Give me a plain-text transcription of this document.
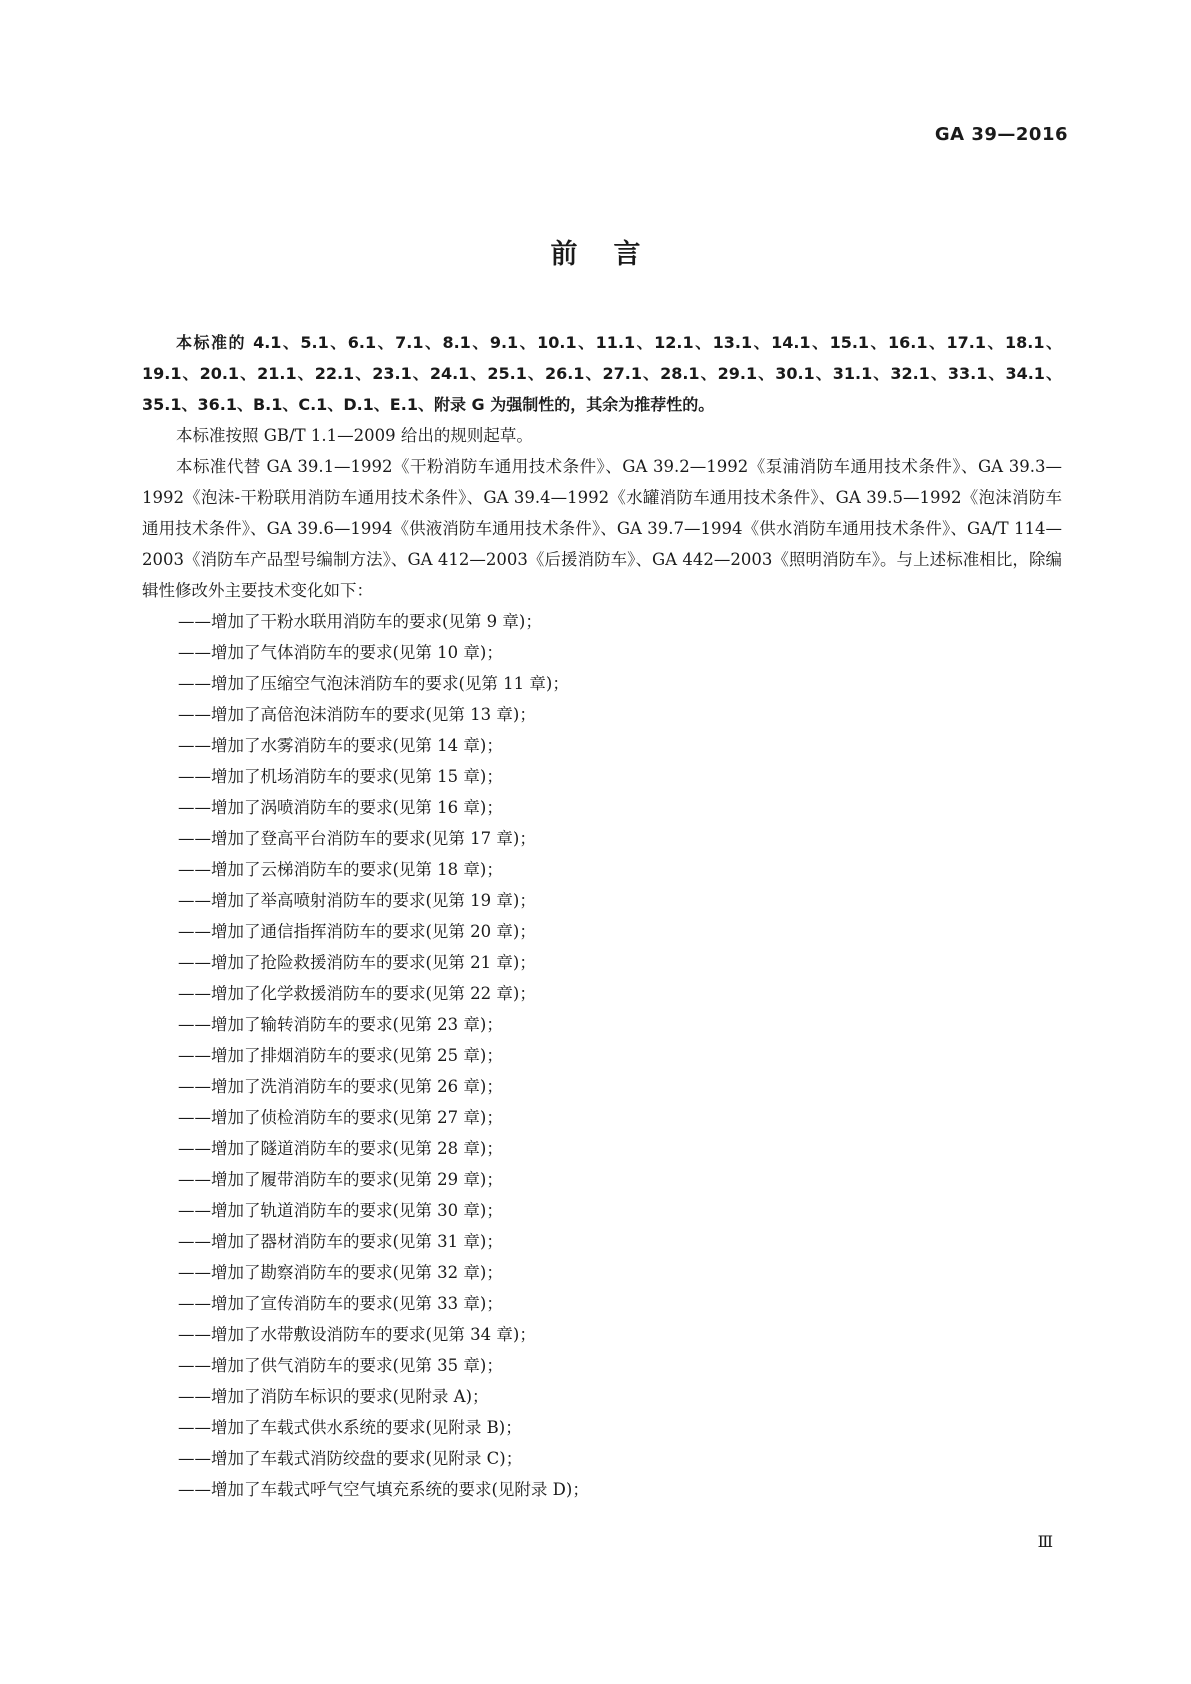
GA 39—2016
前言

本标准的 4.1、5.1、6.1、7.1、8.1、9.1、10.1、11.1、12.1、13.1、14.1、15.1、16.1、17.1、18.1、19.1、20.1、21.1、22.1、23.1、24.1、25.1、26.1、27.1、28.1、29.1、30.1、31.1、32.1、33.1、34.1、35.1、36.1、B.1、C.1、D.1、E.1、附录 G 为强制性的，其余为推荐性的。

本标准按照 GB/T 1.1—2009 给出的规则起草。

本标准代替 GA 39.1—1992《干粉消防车通用技术条件》、GA 39.2—1992《泵浦消防车通用技术条件》、GA 39.3—1992《泡沫-干粉联用消防车通用技术条件》、GA 39.4—1992《水罐消防车通用技术条件》、GA 39.5—1992《泡沫消防车通用技术条件》、GA 39.6—1994《供液消防车通用技术条件》、GA 39.7—1994《供水消防车通用技术条件》、GA/T 114—2003《消防车产品型号编制方法》、GA 412—2003《后援消防车》、GA 442—2003《照明消防车》。与上述标准相比，除编辑性修改外主要技术变化如下：

——增加了干粉水联用消防车的要求(见第 9 章)；
——增加了气体消防车的要求(见第 10 章)；
——增加了压缩空气泡沫消防车的要求(见第 11 章)；
——增加了高倍泡沫消防车的要求(见第 13 章)；
——增加了水雾消防车的要求(见第 14 章)；
——增加了机场消防车的要求(见第 15 章)；
——增加了涡喷消防车的要求(见第 16 章)；
——增加了登高平台消防车的要求(见第 17 章)；
——增加了云梯消防车的要求(见第 18 章)；
——增加了举高喷射消防车的要求(见第 19 章)；
——增加了通信指挥消防车的要求(见第 20 章)；
——增加了抢险救援消防车的要求(见第 21 章)；
——增加了化学救援消防车的要求(见第 22 章)；
——增加了输转消防车的要求(见第 23 章)；
——增加了排烟消防车的要求(见第 25 章)；
——增加了洗消消防车的要求(见第 26 章)；
——增加了侦检消防车的要求(见第 27 章)；
——增加了隧道消防车的要求(见第 28 章)；
——增加了履带消防车的要求(见第 29 章)；
——增加了轨道消防车的要求(见第 30 章)；
——增加了器材消防车的要求(见第 31 章)；
——增加了勘察消防车的要求(见第 32 章)；
——增加了宣传消防车的要求(见第 33 章)；
——增加了水带敷设消防车的要求(见第 34 章)；
——增加了供气消防车的要求(见第 35 章)；
——增加了消防车标识的要求(见附录 A)；
——增加了车载式供水系统的要求(见附录 B)；
——增加了车载式消防绞盘的要求(见附录 C)；
——增加了车载式呼气空气填充系统的要求(见附录 D)；
Ⅲ
